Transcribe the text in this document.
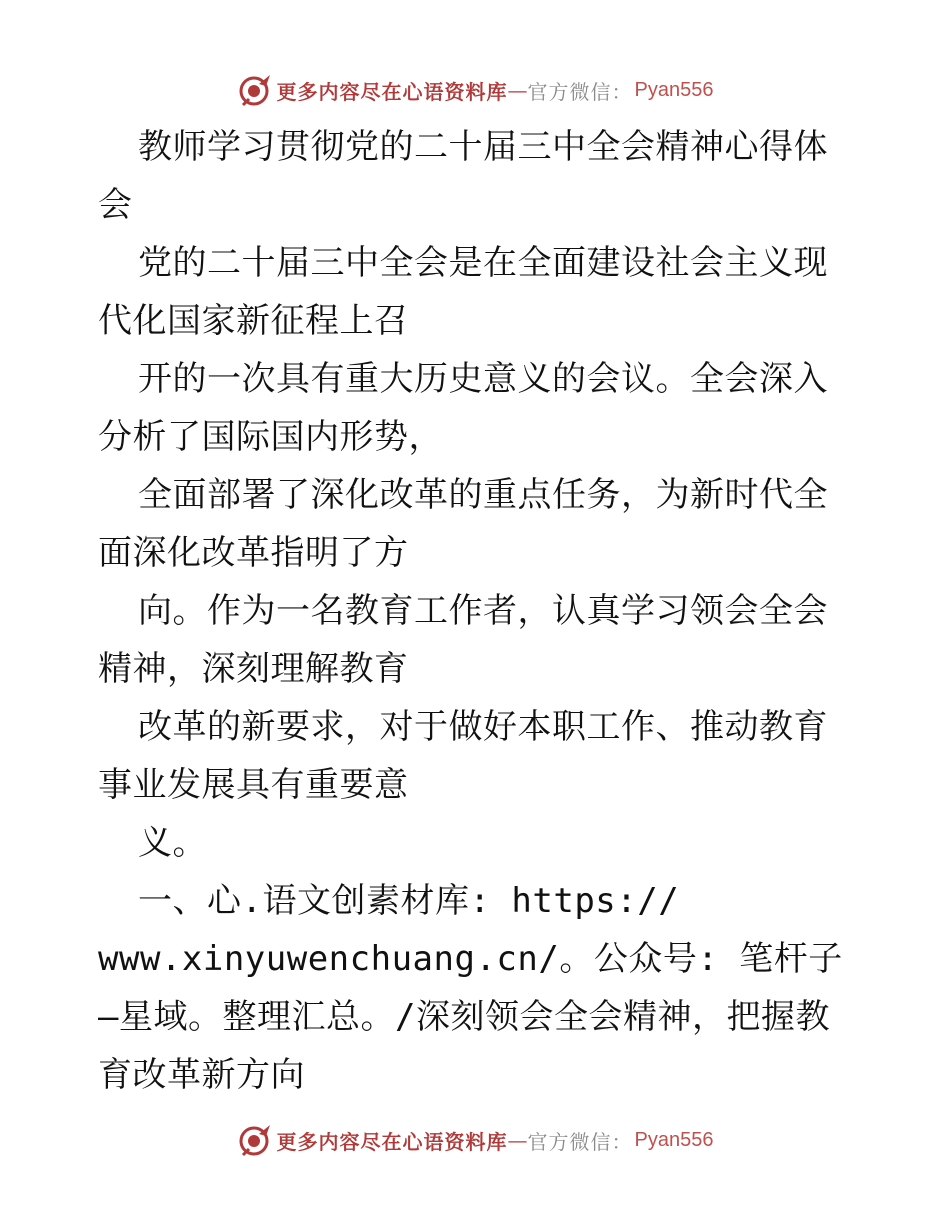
更多内容尽在心语资料库 — 官方微信： Pyan556

教师学习贯彻党的二十届三中全会精神心得体会

党的二十届三中全会是在全面建设社会主义现代化国家新征程上召

开的一次具有重大历史意义的会议。全会深入分析了国际国内形势，

全面部署了深化改革的重点任务，为新时代全面深化改革指明了方

向。作为一名教育工作者，认真学习领会全会精神，深刻理解教育

改革的新要求，对于做好本职工作、推动教育事业发展具有重要意

义。

一、心.语文创素材库: https://

www.xinyuwenchuang.cn/。公众号: 笔杆子—星域。整理汇总。/深刻领会全会精神，把握教育改革新方向

更多内容尽在心语资料库 — 官方微信： Pyan556
